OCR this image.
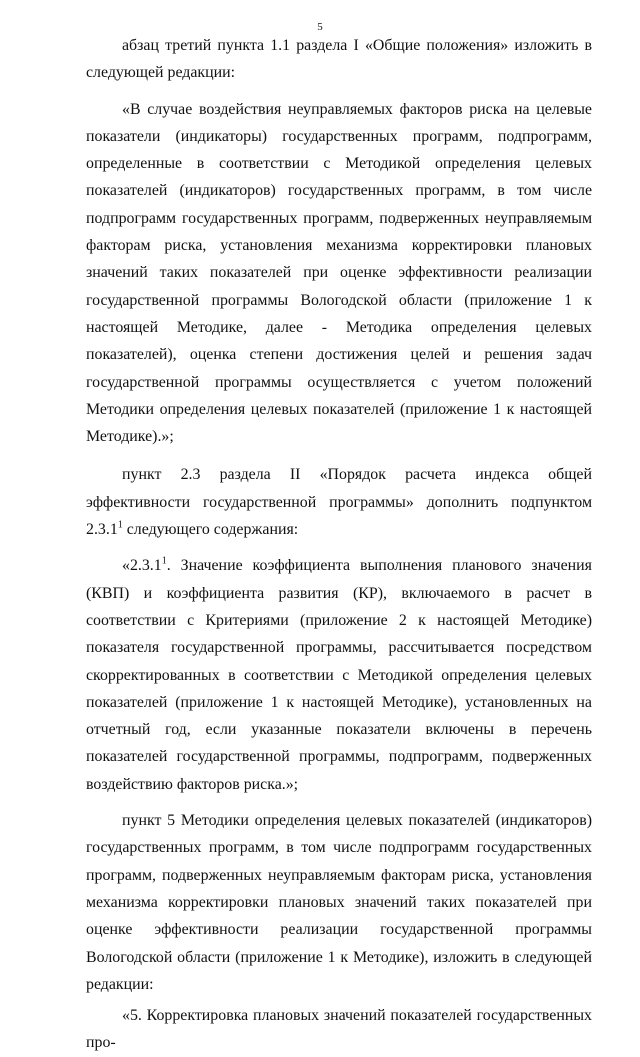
5

абзац третий пункта 1.1 раздела I «Общие положения» изложить в следующей редакции:

«В случае воздействия неуправляемых факторов риска на целевые показатели (индикаторы) государственных программ, подпрограмм, определенные в соответствии с Методикой определения целевых показателей (индикаторов) государственных программ, в том числе подпрограмм государственных программ, подверженных неуправляемым факторам риска, установления механизма корректировки плановых значений таких показателей при оценке эффективности реализации государственной программы Вологодской области (приложение 1 к настоящей Методике, далее - Методика определения целевых показателей), оценка степени достижения целей и решения задач государственной программы осуществляется с учетом положений Методики определения целевых показателей (приложение 1 к настоящей Методике).»;

пункт 2.3 раздела II «Порядок расчета индекса общей эффективности государственной программы» дополнить подпунктом 2.3.1$^1$ следующего содержания:

«2.3.1$^1$. Значение коэффициента выполнения планового значения (КВП) и коэффициента развития (КР), включаемого в расчет в соответствии с Критериями (приложение 2 к настоящей Методике) показателя государственной программы, рассчитывается посредством скорректированных в соответствии с Методикой определения целевых показателей (приложение 1 к настоящей Методике), установленных на отчетный год, если указанные показатели включены в перечень показателей государственной программы, подпрограмм, подверженных воздействию факторов риска.»;

пункт 5 Методики определения целевых показателей (индикаторов) государственных программ, в том числе подпрограмм государственных программ, подверженных неуправляемым факторам риска, установления механизма корректировки плановых значений таких показателей при оценке эффективности реализации государственной программы Вологодской области (приложение 1 к Методике), изложить в следующей редакции:

«5. Корректировка плановых значений показателей государственных про-
